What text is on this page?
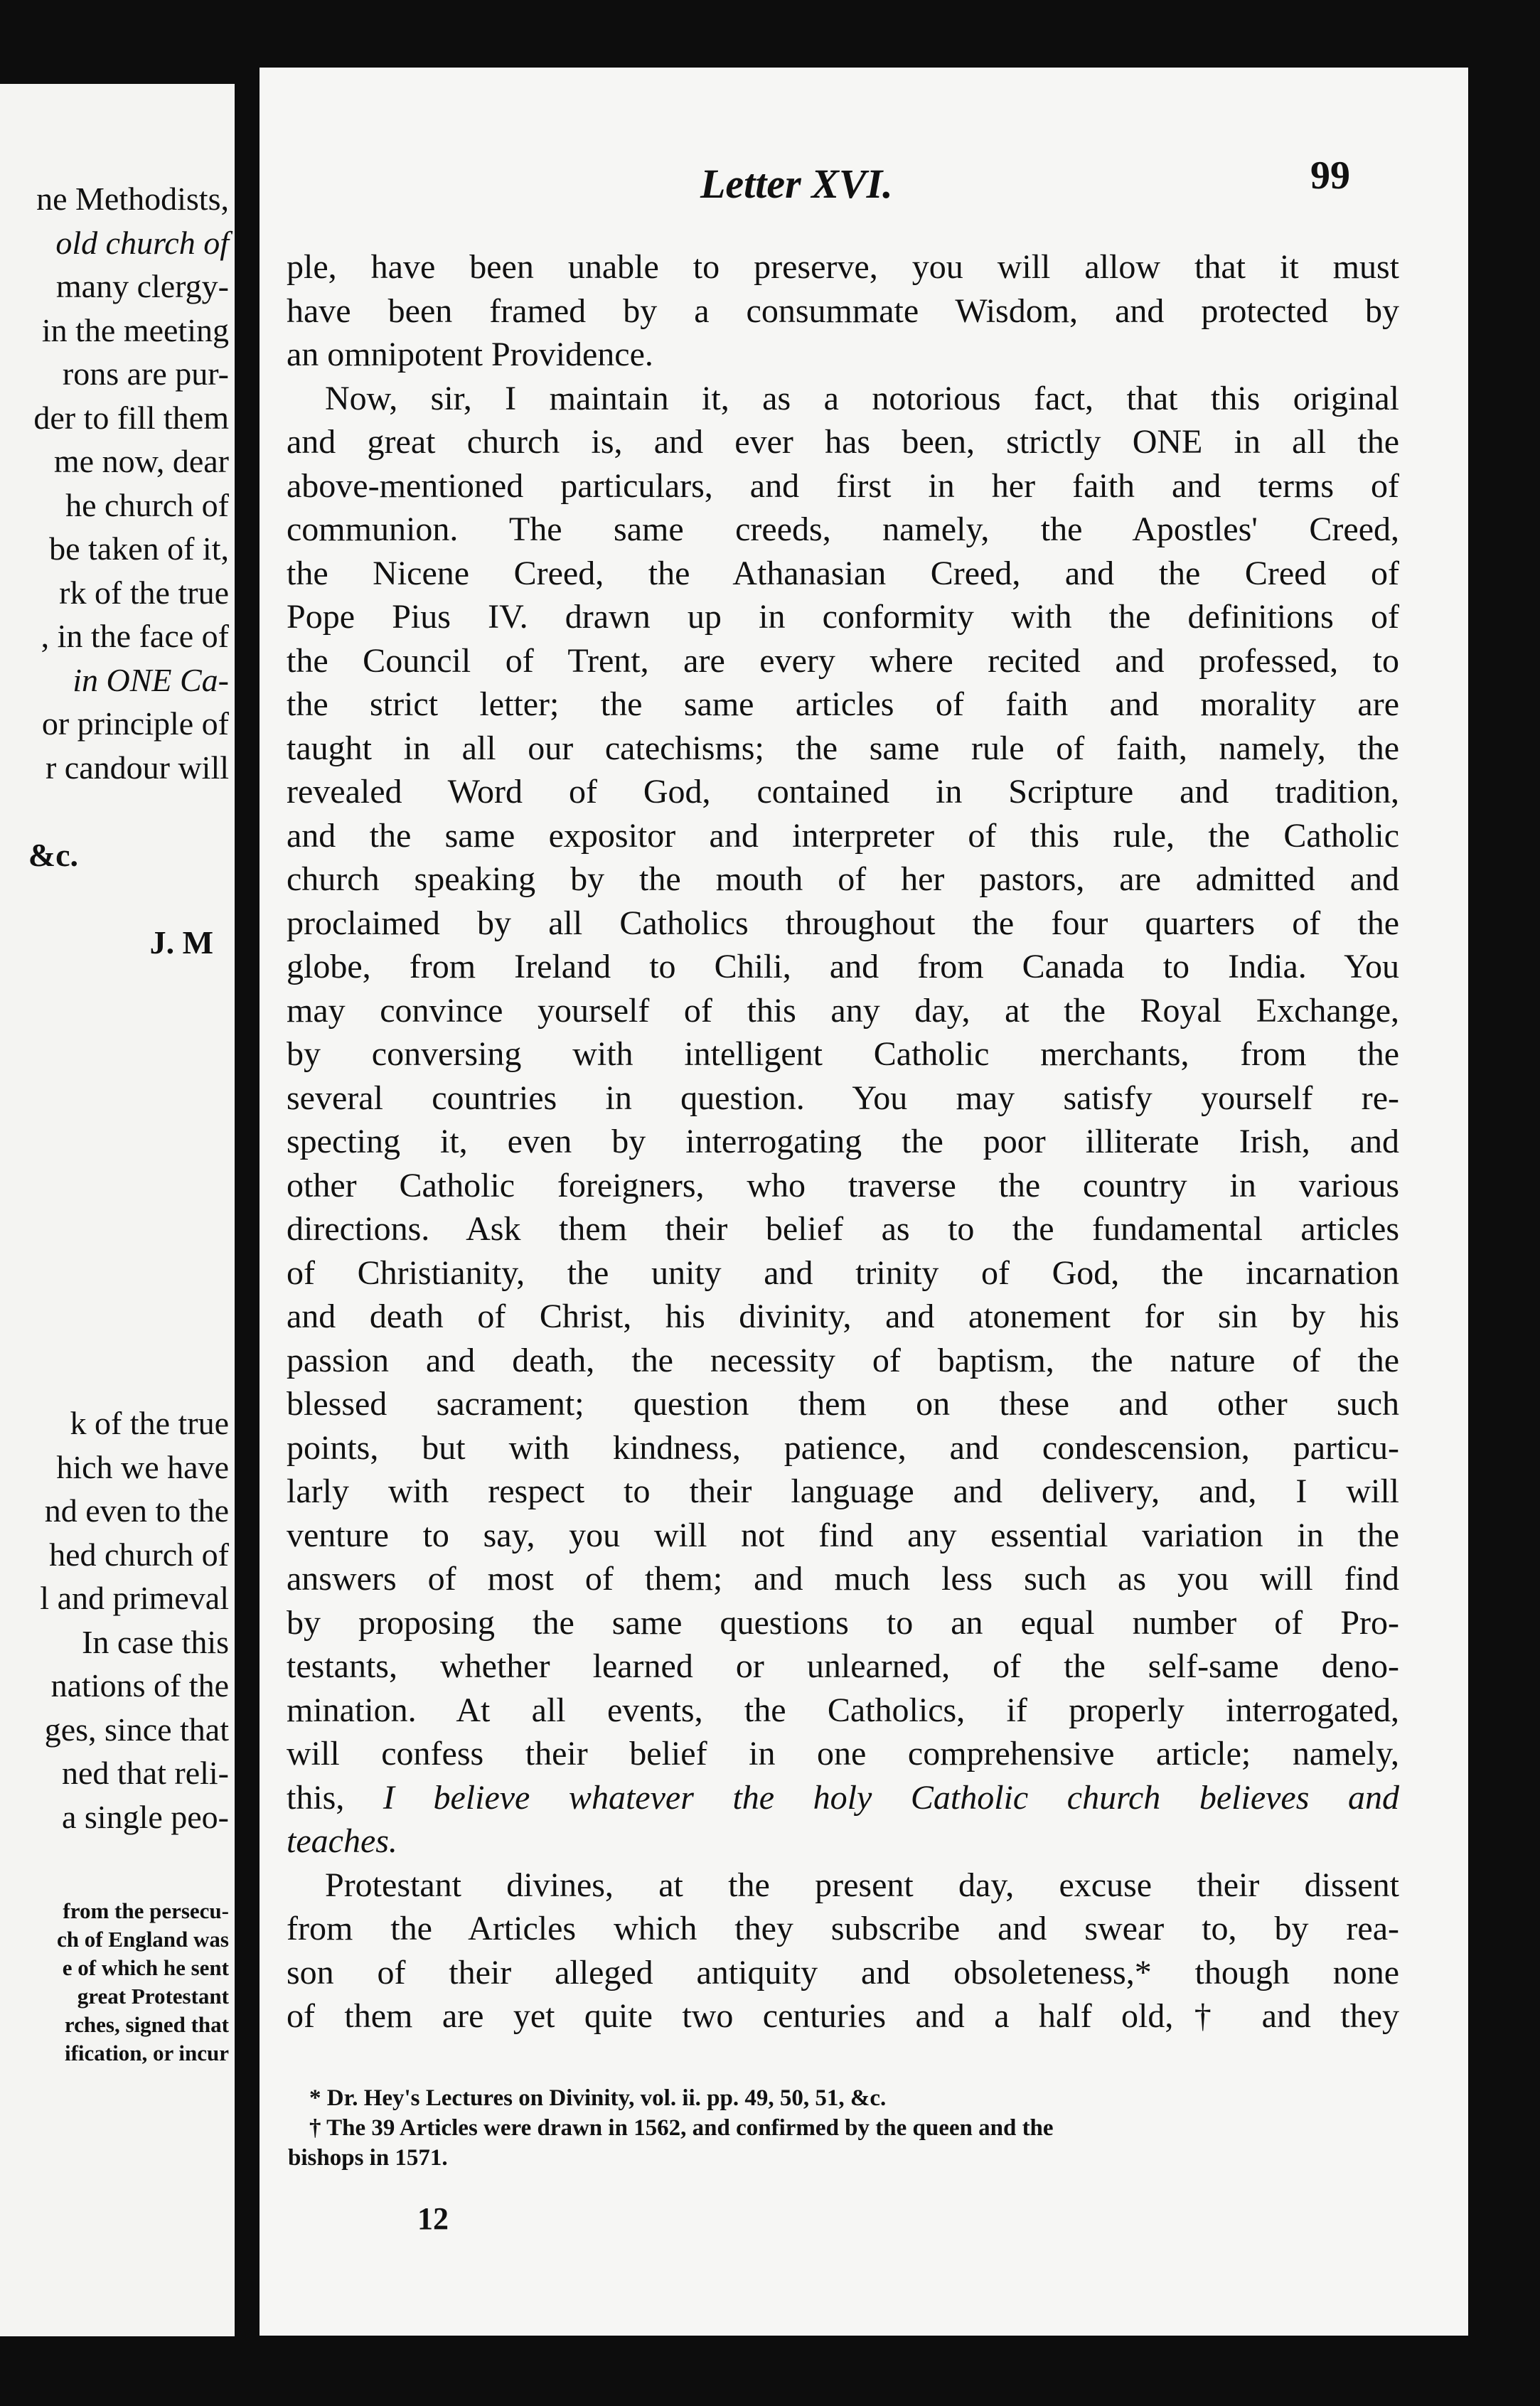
ne Methodists,
old church of
many clergy-
in the meeting
rons are pur-
der to fill them
me now, dear
he church of
be taken of it,
rk of the true
, in the face of
in ONE Ca-
or principle of
r candour will
&c.
J. M
k of the true
hich we have
nd even to the
hed church of
l and primeval
In case this
nations of the
ges, since that
ned that reli-
a single peo-
from the persecu-
ch of England was
e of which he sent
great Protestant
rches, signed that
ification, or incur
Letter XVI.	99
ple, have been unable to preserve, you will allow that it must
have been framed by a consummate Wisdom, and protected by
an omnipotent Providence.
Now, sir, I maintain it, as a notorious fact, that this original
and great church is, and ever has been, strictly ONE in all the
above-mentioned particulars, and first in her faith and terms of
communion. The same creeds, namely, the Apostles' Creed,
the Nicene Creed, the Athanasian Creed, and the Creed of
Pope Pius IV. drawn up in conformity with the definitions of
the Council of Trent, are every where recited and professed, to
the strict letter; the same articles of faith and morality are
taught in all our catechisms; the same rule of faith, namely, the
revealed Word of God, contained in Scripture and tradition,
and the same expositor and interpreter of this rule, the Catholic
church speaking by the mouth of her pastors, are admitted and
proclaimed by all Catholics throughout the four quarters of the
globe, from Ireland to Chili, and from Canada to India. You
may convince yourself of this any day, at the Royal Exchange,
by conversing with intelligent Catholic merchants, from the
several countries in question. You may satisfy yourself re-
specting it, even by interrogating the poor illiterate Irish, and
other Catholic foreigners, who traverse the country in various
directions. Ask them their belief as to the fundamental articles
of Christianity, the unity and trinity of God, the incarnation
and death of Christ, his divinity, and atonement for sin by his
passion and death, the necessity of baptism, the nature of the
blessed sacrament; question them on these and other such
points, but with kindness, patience, and condescension, particu-
larly with respect to their language and delivery, and, I will
venture to say, you will not find any essential variation in the
answers of most of them; and much less such as you will find
by proposing the same questions to an equal number of Pro-
testants, whether learned or unlearned, of the self-same deno-
mination. At all events, the Catholics, if properly interrogated,
will confess their belief in one comprehensive article; namely,
this, I believe whatever the holy Catholic church believes and
teaches.
Protestant divines, at the present day, excuse their dissent
from the Articles which they subscribe and swear to, by rea-
son of their alleged antiquity and obsoleteness,* though none
of them are yet quite two centuries and a half old,† and they
* Dr. Hey's Lectures on Divinity, vol. ii. pp. 49, 50, 51, &c.
† The 39 Articles were drawn in 1562, and confirmed by the queen and the
bishops in 1571.
12
